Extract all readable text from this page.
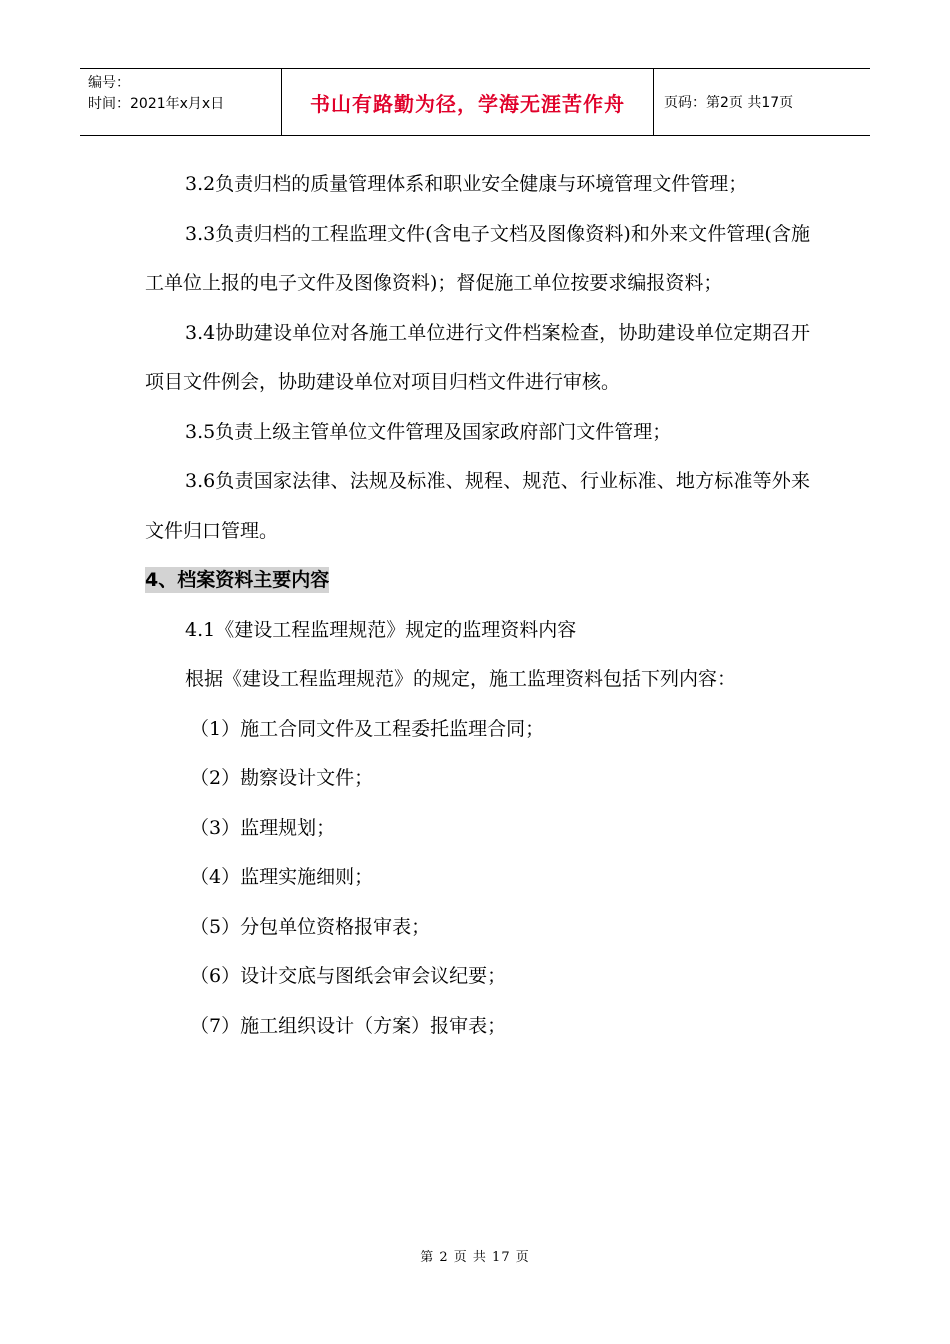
编号：
时间：2021年x月x日	书山有路勤为径，学海无涯苦作舟	页码：第2页 共17页

3.2负责归档的质量管理体系和职业安全健康与环境管理文件管理；

3.3负责归档的工程监理文件(含电子文档及图像资料)和外来文件管理(含施工单位上报的电子文件及图像资料)；督促施工单位按要求编报资料；

3.4协助建设单位对各施工单位进行文件档案检查，协助建设单位定期召开项目文件例会，协助建设单位对项目归档文件进行审核。

3.5负责上级主管单位文件管理及国家政府部门文件管理；

3.6负责国家法律、法规及标准、规程、规范、行业标准、地方标准等外来文件归口管理。

4、档案资料主要内容

4.1《建设工程监理规范》规定的监理资料内容

根据《建设工程监理规范》的规定，施工监理资料包括下列内容：

（1）施工合同文件及工程委托监理合同；

（2）勘察设计文件；

（3）监理规划；

（4）监理实施细则；

（5）分包单位资格报审表；

（6）设计交底与图纸会审会议纪要；

（7）施工组织设计（方案）报审表；

第 2 页 共 17 页
